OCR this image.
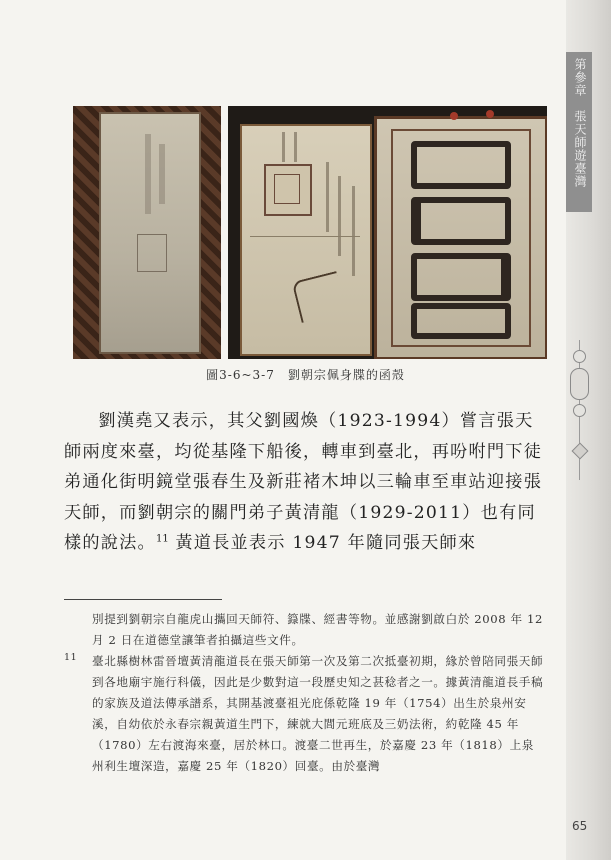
第參章
張天師遊臺灣
圖3-6~3-7　劉朝宗佩身牒的函殼

劉漢堯又表示，其父劉國煥（1923-1994）嘗言張天師兩度來臺，均從基隆下船後，轉車到臺北，再吩咐門下徒弟通化街明鏡堂張春生及新莊褚木坤以三輪車至車站迎接張天師，而劉朝宗的關門弟子黃清龍（1929-2011）也有同樣的說法。$^{11}$ 黃道長並表示 1947 年隨同張天師來

別提到劉朝宗自龍虎山攜回天師符、籙牒、經書等物。並感謝劉啟白於 2008 年 12 月 2 日在道德堂讓筆者拍攝這些文件。

11	臺北縣樹林雷晉壇黃清龍道長在張天師第一次及第二次抵臺初期，緣於曾陪同張天師到各地廟宇施行科儀，因此是少數對這一段歷史知之甚稔者之一。據黃清龍道長手稿的家族及道法傳承譜系，其開基渡臺祖光庇係乾隆 19 年（1754）出生於泉州安溪，自幼依於永春宗親黃道生門下，練就大閭元班底及三奶法術，約乾隆 45 年（1780）左右渡海來臺，居於林口。渡臺二世再生，於嘉慶 23 年（1818）上泉州利生壇深造，嘉慶 25 年（1820）回臺。由於臺灣

65
